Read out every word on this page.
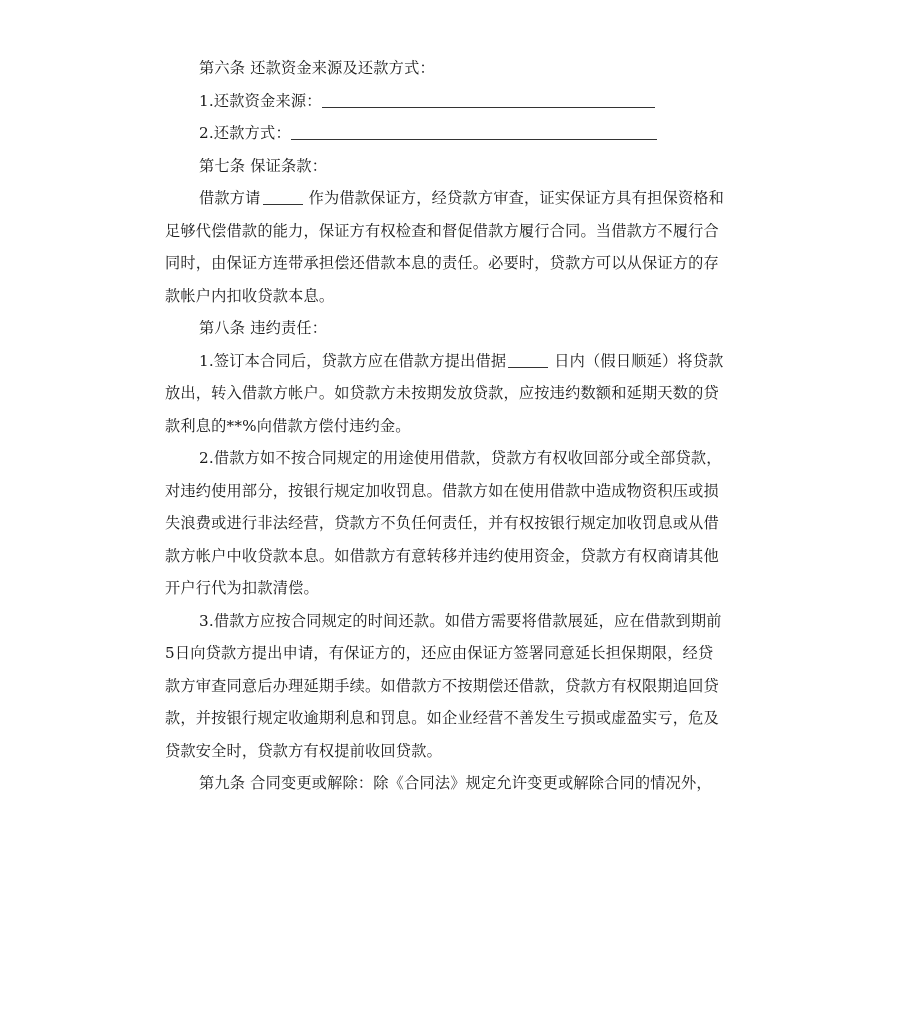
第六条 还款资金来源及还款方式：
1.还款资金来源：
2.还款方式：
第七条 保证条款：
借款方请	作为借款保证方，经贷款方审查，证实保证方具有担保资格和
足够代偿借款的能力，保证方有权检查和督促借款方履行合同。当借款方不履行合
同时，由保证方连带承担偿还借款本息的责任。必要时，贷款方可以从保证方的存
款帐户内扣收贷款本息。
第八条 违约责任：
1.签订本合同后，贷款方应在借款方提出借据	日内（假日顺延）将贷款
放出，转入借款方帐户。如贷款方未按期发放贷款，应按违约数额和延期天数的贷
款利息的**%向借款方偿付违约金。
2.借款方如不按合同规定的用途使用借款，贷款方有权收回部分或全部贷款，
对违约使用部分，按银行规定加收罚息。借款方如在使用借款中造成物资积压或损
失浪费或进行非法经营，贷款方不负任何责任，并有权按银行规定加收罚息或从借
款方帐户中收贷款本息。如借款方有意转移并违约使用资金，贷款方有权商请其他
开户行代为扣款清偿。
3.借款方应按合同规定的时间还款。如借方需要将借款展延，应在借款到期前
5日向贷款方提出申请，有保证方的，还应由保证方签署同意延长担保期限，经贷
款方审查同意后办理延期手续。如借款方不按期偿还借款，贷款方有权限期追回贷
款，并按银行规定收逾期利息和罚息。如企业经营不善发生亏损或虚盈实亏，危及
贷款安全时，贷款方有权提前收回贷款。
第九条 合同变更或解除：除《合同法》规定允许变更或解除合同的情况外，
